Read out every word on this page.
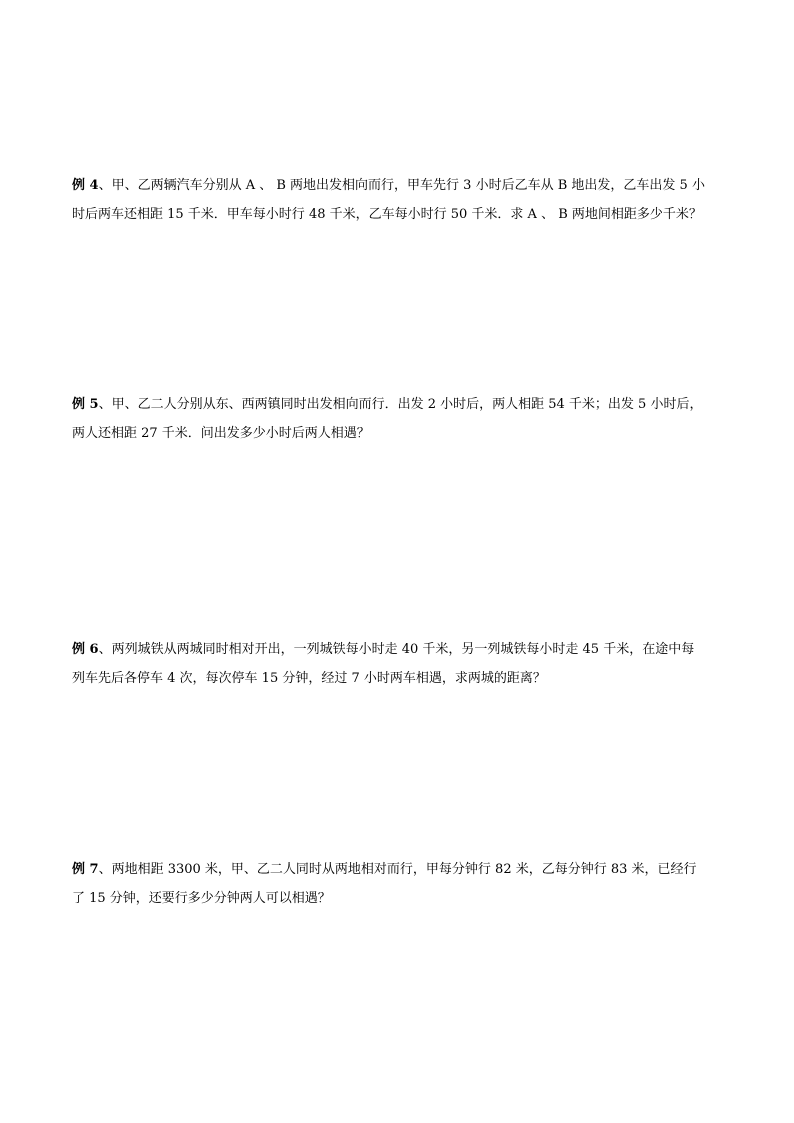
例 4、甲、乙两辆汽车分别从 A 、 B 两地出发相向而行，甲车先行 3 小时后乙车从 B 地出发，乙车出发 5 小
时后两车还相距 15 千米．甲车每小时行 48 千米，乙车每小时行 50 千米．求 A 、 B 两地间相距多少千米？
例 5、甲、乙二人分别从东、西两镇同时出发相向而行．出发 2 小时后，两人相距 54 千米；出发 5 小时后，
两人还相距 27 千米．问出发多少小时后两人相遇？
例 6、两列城铁从两城同时相对开出，一列城铁每小时走 40 千米，另一列城铁每小时走 45 千米，在途中每
列车先后各停车 4 次，每次停车 15 分钟，经过 7 小时两车相遇，求两城的距离？
例 7、两地相距 3300 米，甲、乙二人同时从两地相对而行，甲每分钟行 82 米，乙每分钟行 83 米，已经行
了 15 分钟，还要行多少分钟两人可以相遇？
